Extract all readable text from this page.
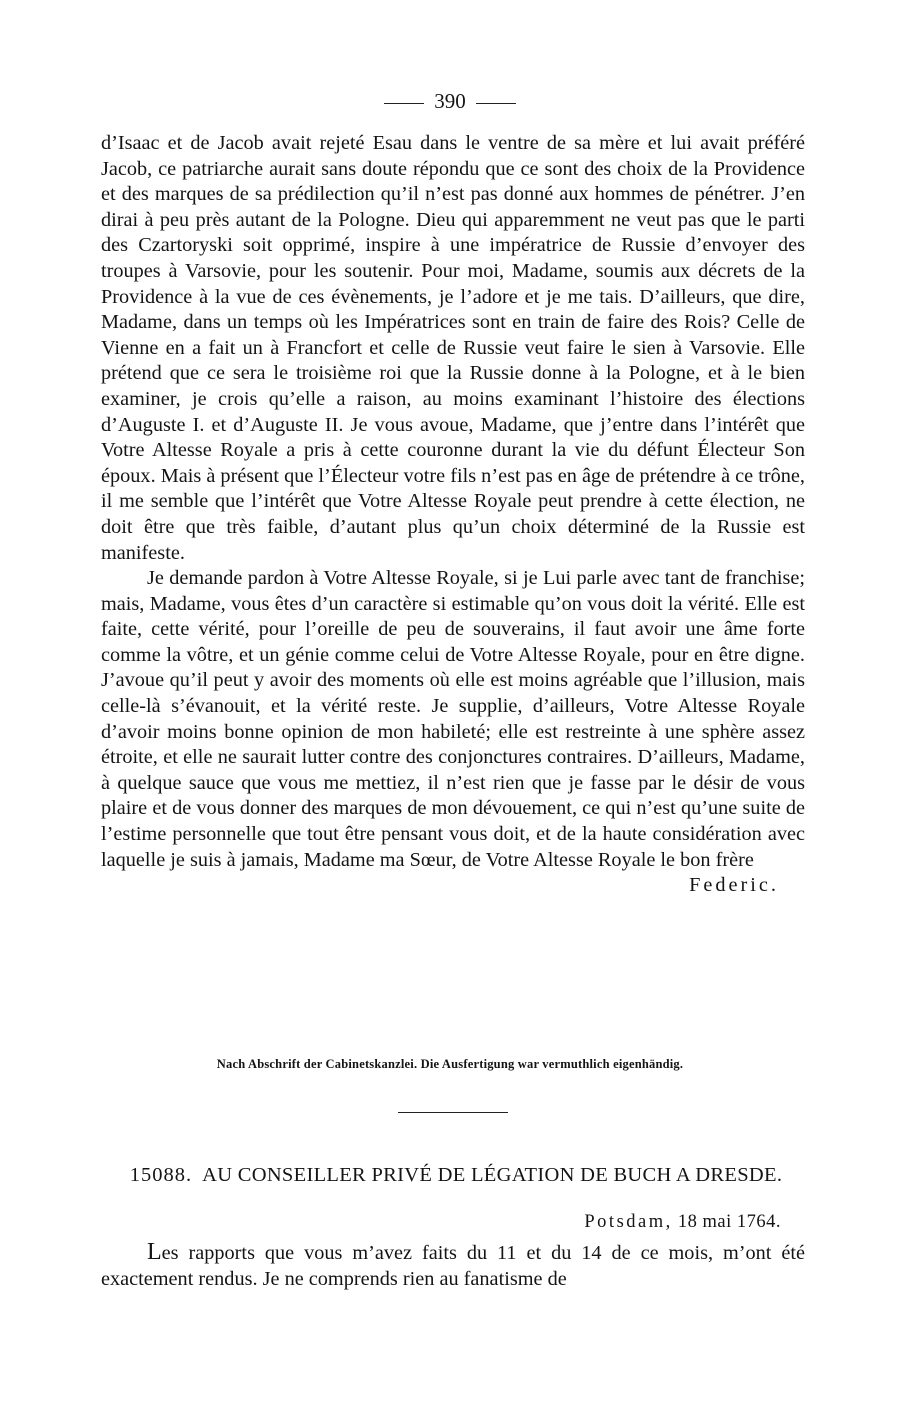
390

d’Isaac et de Jacob avait rejeté Esau dans le ventre de sa mère et lui avait préféré Jacob, ce patriarche aurait sans doute répondu que ce sont des choix de la Providence et des marques de sa prédilection qu’il n’est pas donné aux hommes de pénétrer. J’en dirai à peu près autant de la Pologne. Dieu qui apparemment ne veut pas que le parti des Czartoryski soit opprimé, inspire à une impératrice de Russie d’envoyer des troupes à Varsovie, pour les soutenir. Pour moi, Madame, soumis aux décrets de la Providence à la vue de ces évènements, je l’adore et je me tais. D’ailleurs, que dire, Madame, dans un temps où les Impératrices sont en train de faire des Rois? Celle de Vienne en a fait un à Francfort et celle de Russie veut faire le sien à Varsovie. Elle prétend que ce sera le troisième roi que la Russie donne à la Pologne, et à le bien examiner, je crois qu’elle a raison, au moins examinant l’histoire des élections d’Auguste I. et d’Auguste II. Je vous avoue, Madame, que j’entre dans l’intérêt que Votre Altesse Royale a pris à cette couronne durant la vie du défunt Électeur Son époux. Mais à présent que l’Électeur votre fils n’est pas en âge de prétendre à ce trône, il me semble que l’intérêt que Votre Altesse Royale peut prendre à cette élection, ne doit être que très faible, d’autant plus qu’un choix déterminé de la Russie est manifeste.

Je demande pardon à Votre Altesse Royale, si je Lui parle avec tant de franchise; mais, Madame, vous êtes d’un caractère si estimable qu’on vous doit la vérité. Elle est faite, cette vérité, pour l’oreille de peu de souverains, il faut avoir une âme forte comme la vôtre, et un génie comme celui de Votre Altesse Royale, pour en être digne. J’avoue qu’il peut y avoir des moments où elle est moins agréable que l’illusion, mais celle-là s’évanouit, et la vérité reste. Je supplie, d’ailleurs, Votre Altesse Royale d’avoir moins bonne opinion de mon habileté; elle est restreinte à une sphère assez étroite, et elle ne saurait lutter contre des conjonctures contraires. D’ailleurs, Madame, à quelque sauce que vous me mettiez, il n’est rien que je fasse par le désir de vous plaire et de vous donner des marques de mon dévouement, ce qui n’est qu’une suite de l’estime personnelle que tout être pensant vous doit, et de la haute considération avec laquelle je suis à jamais, Madame ma Sœur, de Votre Altesse Royale le bon frère

Federic.

Nach Abschrift der Cabinetskanzlei. Die Ausfertigung war vermuthlich eigenhändig.
15088. AU CONSEILLER PRIVÉ DE LÉGATION DE BUCH A DRESDE.
Potsdam, 18 mai 1764.

Les rapports que vous m’avez faits du 11 et du 14 de ce mois, m’ont été exactement rendus. Je ne comprends rien au fanatisme de
